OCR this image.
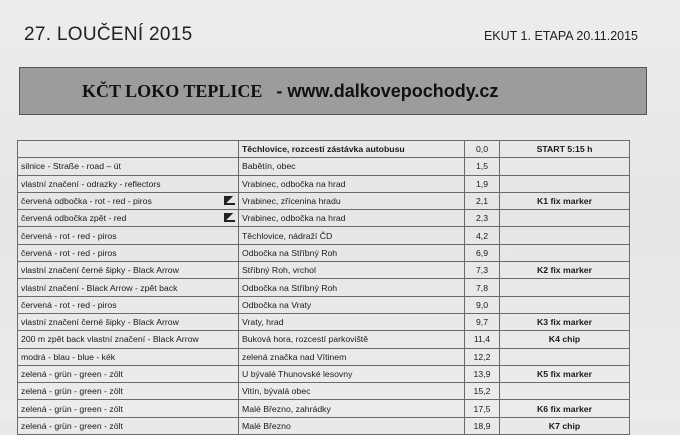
27. LOUČENÍ 2015	EKUT 1. ETAPA 20.11.2015
KČT LOKO TEPLICE - www.dalkovepochody.cz
	Těchlovice, rozcestí zástávka autobusu	0,0	START 5:15 h
silnice - Straße - road – út	Babětín, obec	1,5	
vlastní značení - odrazky - reflectors	Vrabinec, odbočka na hrad	1,9	
červená odbočka - rot - red - piros	Vrabinec, zřícenina hradu	2,1	K1 fix marker
červená odbočka zpět - red	Vrabinec, odbočka na hrad	2,3	
červená - rot - red - piros	Těchlovice, nádraží ČD	4,2	
červená - rot - red - piros	Odbočka na Stříbný Roh	6,9	
vlastní značení černé šipky - Black Arrow	Stříbný Roh, vrchol	7,3	K2 fix marker
vlastní značení - Black Arrow - zpět back	Odbočka na Stříbný Roh	7,8	
červená - rot - red - piros	Odbočka na Vraty	9,0	
vlastní značení černé šipky - Black Arrow	Vraty, hrad	9,7	K3 fix marker
200 m zpět back vlastní značení - Black Arrow	Buková hora, rozcestí parkoviště	11,4	K4 chip
modrá - blau - blue - kék	zelená značka nad Vítinem	12,2	
zelená - grün - green - zölt	U bývalé Thunovské lesovny	13,9	K5 fix marker
zelená - grün - green - zölt	Vitín, bývalá obec	15,2	
zelená - grün - green - zölt	Malé Březno, zahrádky	17,5	K6 fix marker
zelená - grün - green - zölt	Malé Březno	18,9	K7 chip
